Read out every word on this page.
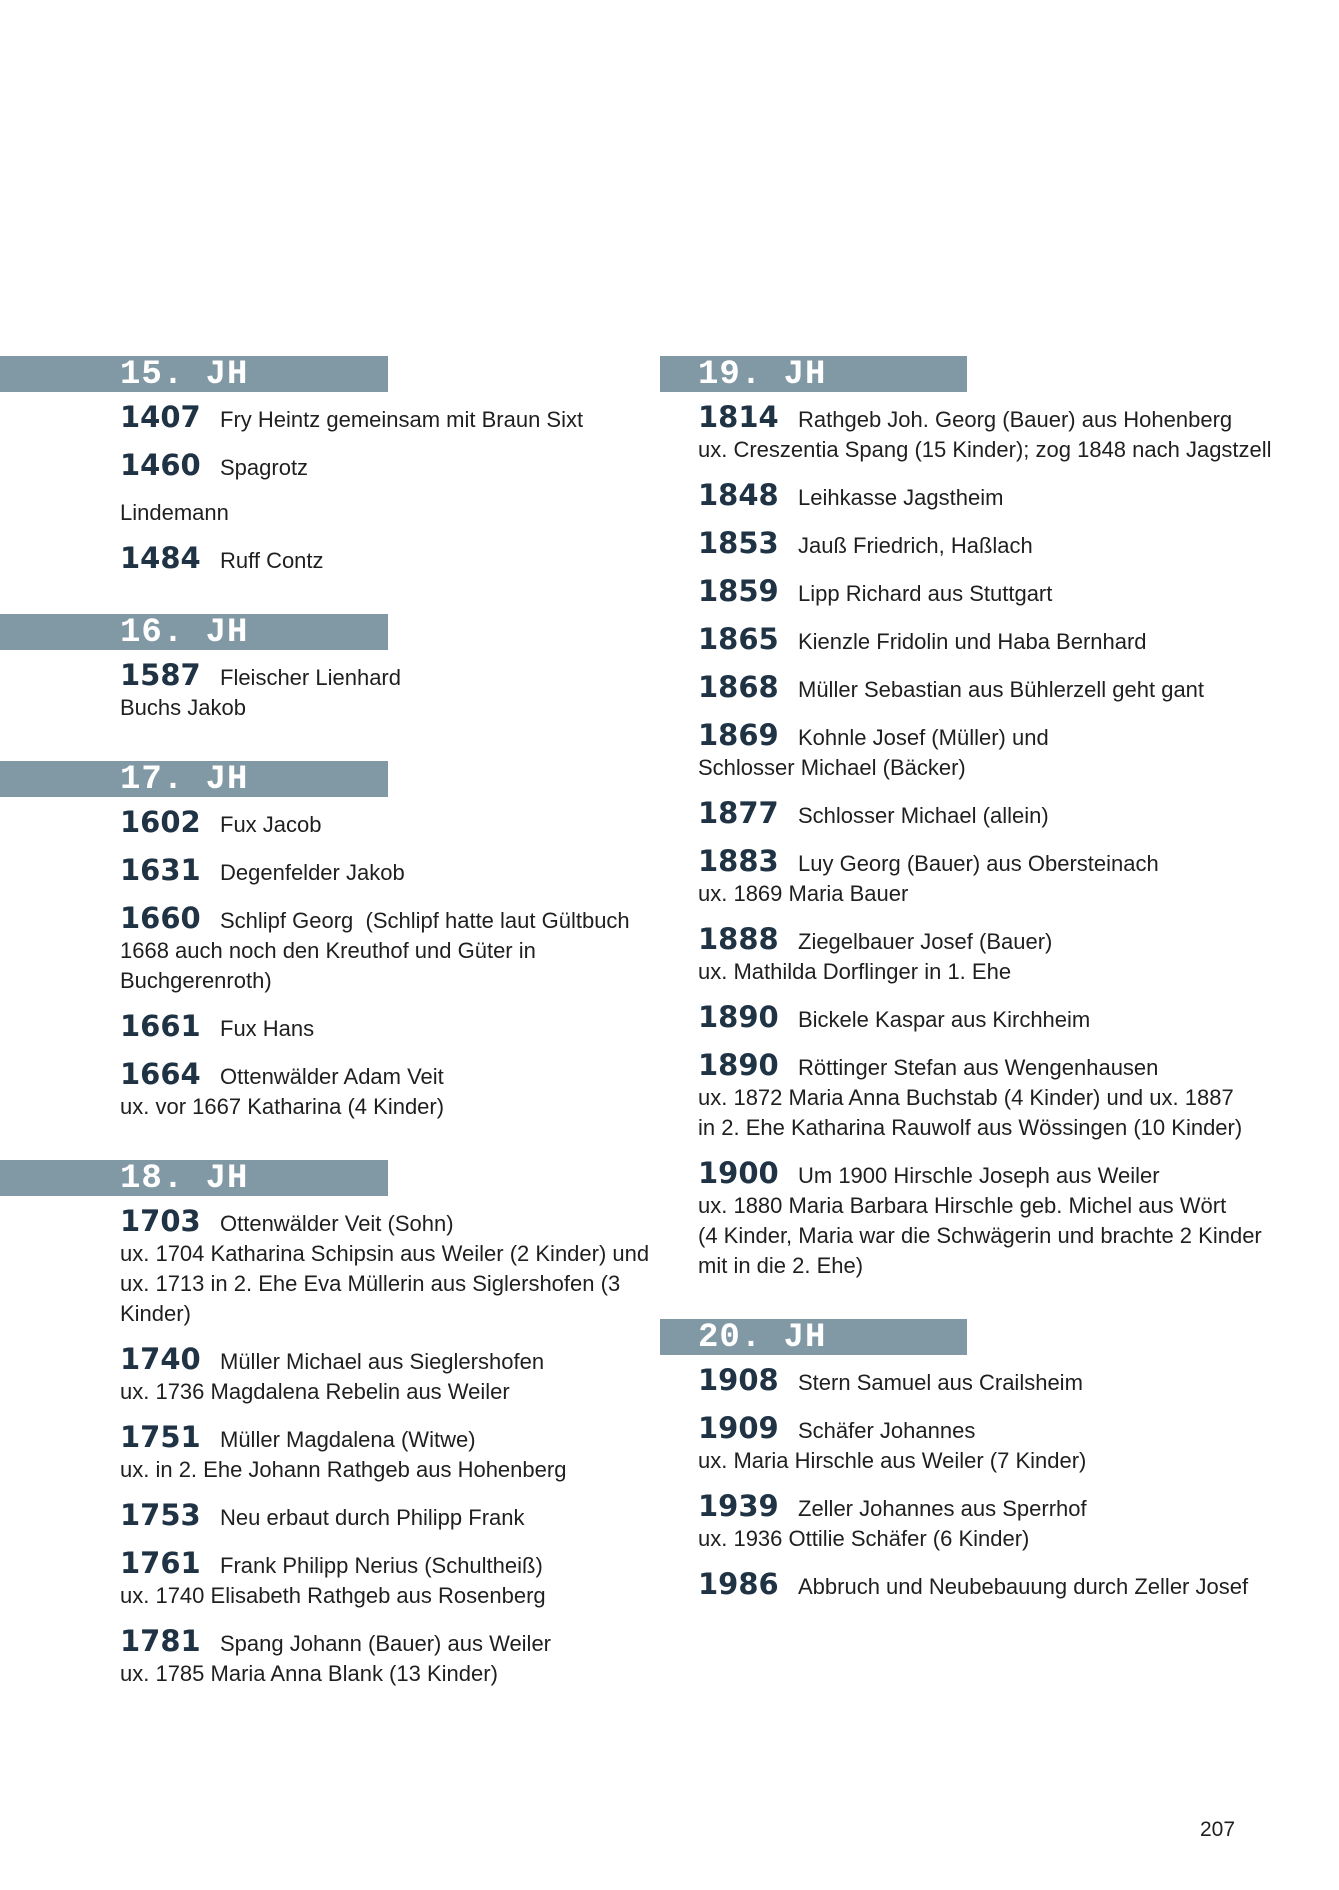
15. JH
1407 Fry Heintz gemeinsam mit Braun Sixt
1460 Spagrotz
Lindemann
1484 Ruff Contz
16. JH
1587 Fleischer Lienhard
Buchs Jakob
17. JH
1602 Fux Jacob
1631 Degenfelder Jakob
1660 Schlipf Georg  (Schlipf hatte laut Gültbuch
1668 auch noch den Kreuthof und Güter in Buchgerenroth)
1661 Fux Hans
1664 Ottenwälder Adam Veit
ux. vor 1667 Katharina (4 Kinder)
18. JH
1703 Ottenwälder Veit (Sohn)
ux. 1704 Katharina Schipsin aus Weiler (2 Kinder) und
ux. 1713 in 2. Ehe Eva Müllerin aus Siglershofen (3 Kinder)
1740 Müller Michael aus Sieglershofen
ux. 1736 Magdalena Rebelin aus Weiler
1751 Müller Magdalena (Witwe)
ux. in 2. Ehe Johann Rathgeb aus Hohenberg
1753 Neu erbaut durch Philipp Frank
1761 Frank Philipp Nerius (Schultheiß)
ux. 1740 Elisabeth Rathgeb aus Rosenberg
1781 Spang Johann (Bauer) aus Weiler
ux. 1785 Maria Anna Blank (13 Kinder)
19. JH
1814 Rathgeb Joh. Georg (Bauer) aus Hohenberg
ux. Creszentia Spang (15 Kinder); zog 1848 nach Jagstzell
1848 Leihkasse Jagstheim
1853 Jauß Friedrich, Haßlach
1859 Lipp Richard aus Stuttgart
1865 Kienzle Fridolin und Haba Bernhard
1868 Müller Sebastian aus Bühlerzell geht gant
1869 Kohnle Josef (Müller) und
Schlosser Michael (Bäcker)
1877 Schlosser Michael (allein)
1883 Luy Georg (Bauer) aus Obersteinach
ux. 1869 Maria Bauer
1888 Ziegelbauer Josef (Bauer)
ux. Mathilda Dorflinger in 1. Ehe
1890 Bickele Kaspar aus Kirchheim
1890 Röttinger Stefan aus Wengenhausen
ux. 1872 Maria Anna Buchstab (4 Kinder) und ux. 1887
in 2. Ehe Katharina Rauwolf aus Wössingen (10 Kinder)
1900 Um 1900 Hirschle Joseph aus Weiler
ux. 1880 Maria Barbara Hirschle geb. Michel aus Wört
(4 Kinder, Maria war die Schwägerin und brachte 2 Kinder
mit in die 2. Ehe)
20. JH
1908 Stern Samuel aus Crailsheim
1909 Schäfer Johannes
ux. Maria Hirschle aus Weiler (7 Kinder)
1939 Zeller Johannes aus Sperrhof
ux. 1936 Ottilie Schäfer (6 Kinder)
1986 Abbruch und Neubebauung durch Zeller Josef
207
